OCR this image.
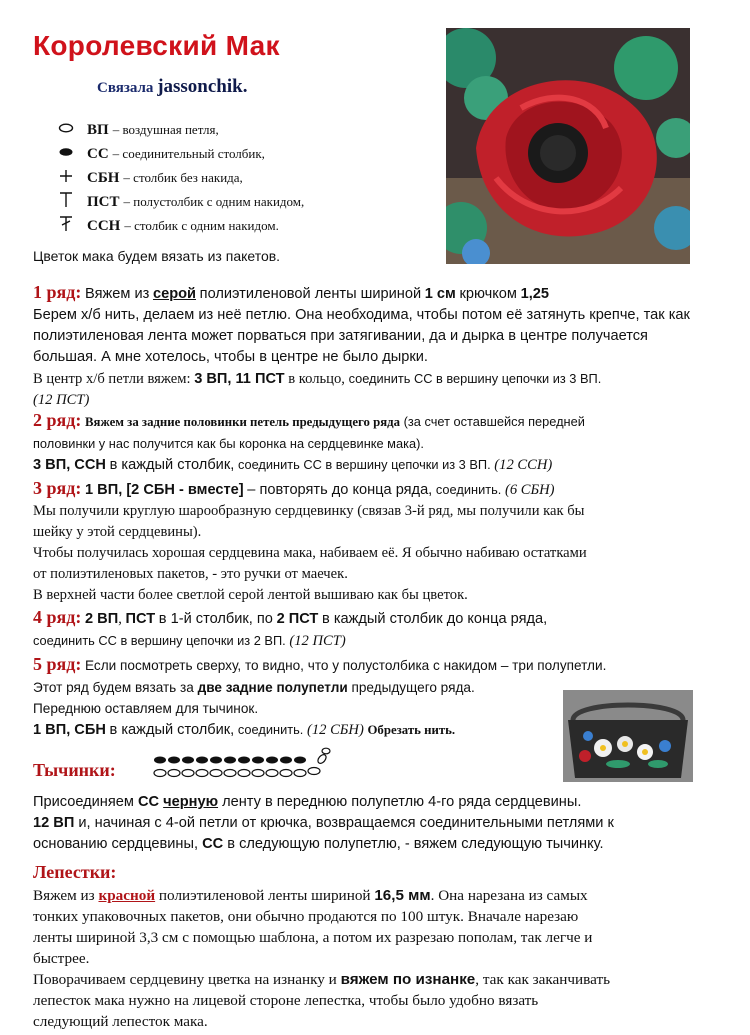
Королевский Мак
Связала jassonchik.
ВП – воздушная петля,
СС – соединительный столбик,
СБН – столбик без накида,
ПСТ – полустолбик с одним накидом,
ССН – столбик с одним накидом.
Цветок мака будем вязать из пакетов.
1 ряд: Вяжем из серой полиэтиленовой ленты шириной 1 см крючком 1,25
Берем х/б нить, делаем из неё петлю. Она необходима, чтобы потом её затянуть крепче, так как
полиэтиленовая лента может порваться при затягивании, да и дырка в центре получается
большая. А мне хотелось, чтобы в центре не было дырки.
В центр х/б петли вяжем: 3 ВП, 11 ПСТ в кольцо, соединить СС в вершину цепочки из 3 ВП.
(12 ПСТ)
2 ряд: Вяжем за задние половинки петель предыдущего ряда (за счет оставшейся передней
половинки у нас получится как бы коронка на сердцевинке мака).
3 ВП, ССН в каждый столбик, соединить СС в вершину цепочки из 3 ВП. (12 ССН)
3 ряд: 1 ВП, [2 СБН - вместе] – повторять до конца ряда, соединить. (6 СБН)
Мы получили круглую шарообразную сердцевинку (связав 3-й ряд, мы получили как бы
шейку у этой сердцевины).
Чтобы получилась хорошая сердцевина мака, набиваем её. Я обычно набиваю остатками
от полиэтиленовых пакетов, - это ручки от маечек.
В верхней части более светлой серой лентой вышиваю как бы цветок.
4 ряд: 2 ВП, ПСТ в 1-й столбик, по 2 ПСТ в каждый столбик до конца ряда,
соединить СС в вершину цепочки из 2 ВП. (12 ПСТ)
5 ряд: Если посмотреть сверху, то видно, что у полустолбика с накидом – три полупетли.
Этот ряд будем вязать за две задние полупетли предыдущего ряда.
Переднюю оставляем для тычинок.
1 ВП, СБН в каждый столбик, соединить. (12 СБН) Обрезать нить.
Тычинки:
Присоединяем СС черную ленту в переднюю полупетлю 4-го ряда сердцевины.
12 ВП и, начиная с 4-ой петли от крючка, возвращаемся соединительными петлями к
основанию сердцевины, СС в следующую полупетлю, - вяжем следующую тычинку.
Лепестки:
Вяжем из красной полиэтиленовой ленты шириной 16,5 мм. Она нарезана из самых
тонких упаковочных пакетов, они обычно продаются по 100 штук. Вначале нарезаю
ленты шириной 3,3 см с помощью шаблона, а потом их разрезаю пополам, так легче и
быстрее.
Поворачиваем сердцевину цветка на изнанку и вяжем по изнанке, так как заканчивать
лепесток мака нужно на лицевой стороне лепестка, чтобы было удобно вязать
следующий лепесток мака.
